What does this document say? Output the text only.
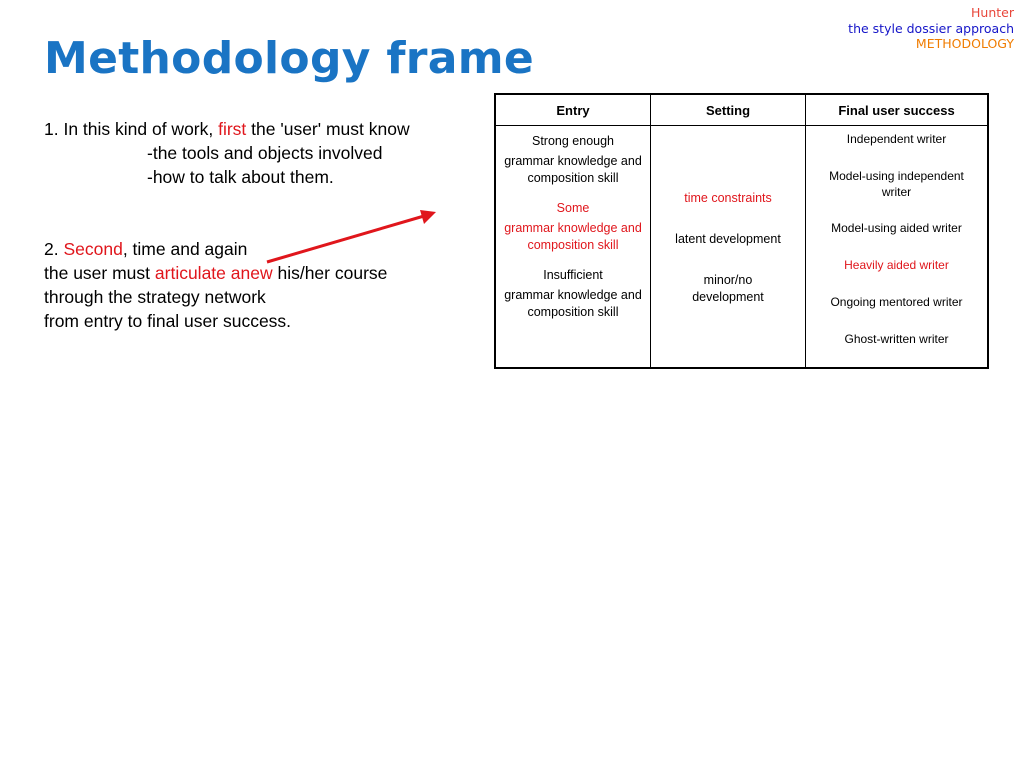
Hunter
the style dossier approach
METHODOLOGY
Methodology frame
1. In this kind of work, first the 'user' must know
-the tools and objects involved
-how to talk about them.
2. Second, time and again
the user must articulate anew his/her course
through the strategy network
from entry to final user success.
Entry	Setting	Final user success
Strong enough
grammar knowledge and composition skill
Some
grammar knowledge and composition skill
Insufficient
grammar knowledge and composition skill
time constraints
latent development
minor/no development
Independent writer
Model-using independent writer
Model-using aided writer
Heavily aided writer
Ongoing mentored writer
Ghost-written writer
